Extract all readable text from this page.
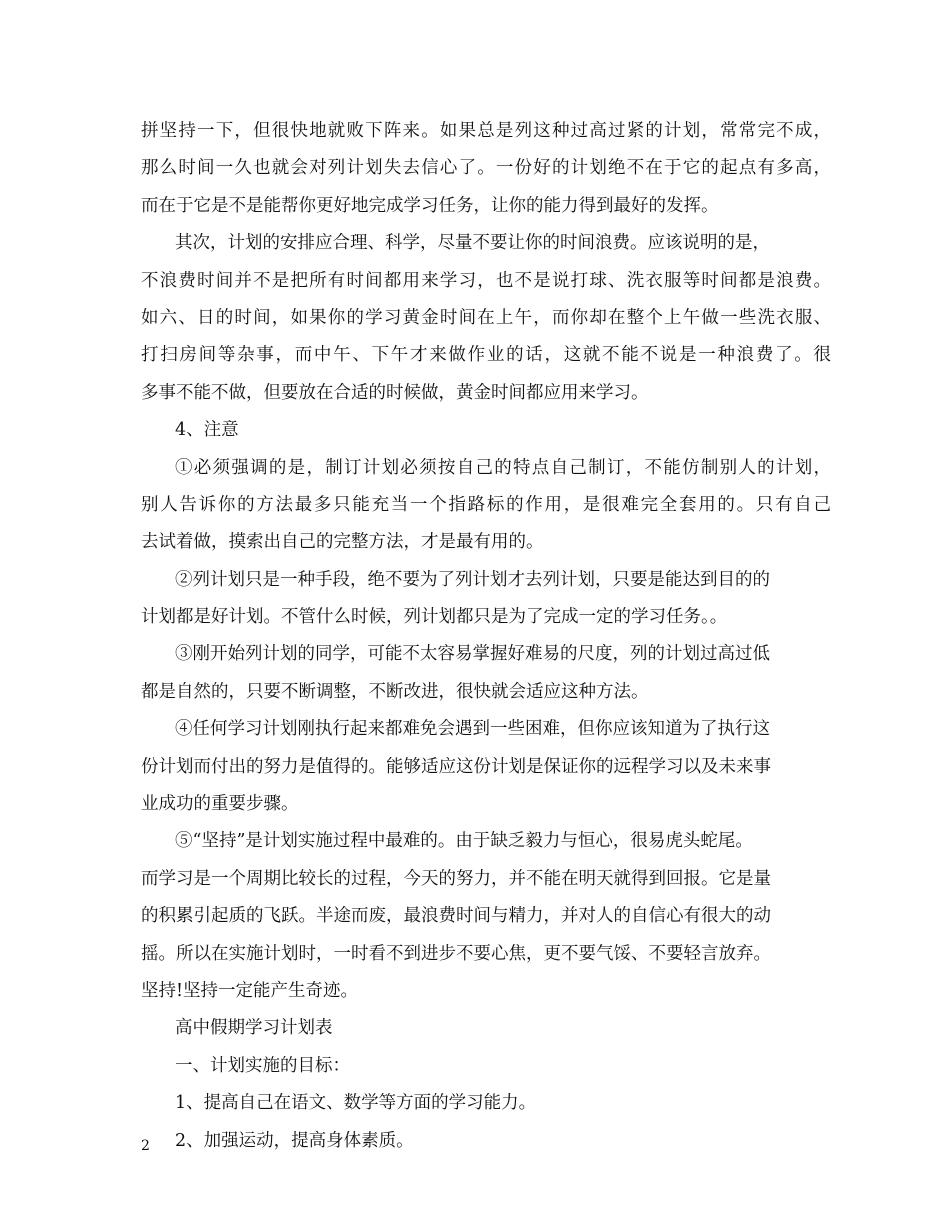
拼坚持一下，但很快地就败下阵来。如果总是列这种过高过紧的计划，常常完不成，
那么时间一久也就会对列计划失去信心了。一份好的计划绝不在于它的起点有多高，
而在于它是不是能帮你更好地完成学习任务，让你的能力得到最好的发挥。
其次，计划的安排应合理、科学，尽量不要让你的时间浪费。应该说明的是，
不浪费时间并不是把所有时间都用来学习，也不是说打球、洗衣服等时间都是浪费。
如六、日的时间，如果你的学习黄金时间在上午，而你却在整个上午做一些洗衣服、
打扫房间等杂事，而中午、下午才来做作业的话，这就不能不说是一种浪费了。很
多事不能不做，但要放在合适的时候做，黄金时间都应用来学习。
4、注意
①必须强调的是，制订计划必须按自己的特点自己制订，不能仿制别人的计划，
别人告诉你的方法最多只能充当一个指路标的作用，是很难完全套用的。只有自己
去试着做，摸索出自己的完整方法，才是最有用的。
②列计划只是一种手段，绝不要为了列计划才去列计划，只要是能达到目的的
计划都是好计划。不管什么时候，列计划都只是为了完成一定的学习任务。。
③刚开始列计划的同学，可能不太容易掌握好难易的尺度，列的计划过高过低
都是自然的，只要不断调整，不断改进，很快就会适应这种方法。
④任何学习计划刚执行起来都难免会遇到一些困难，但你应该知道为了执行这
份计划而付出的努力是值得的。能够适应这份计划是保证你的远程学习以及未来事
业成功的重要步骤。
⑤“坚持”是计划实施过程中最难的。由于缺乏毅力与恒心，很易虎头蛇尾。
而学习是一个周期比较长的过程，今天的努力，并不能在明天就得到回报。它是量
的积累引起质的飞跃。半途而废，最浪费时间与精力，并对人的自信心有很大的动
摇。所以在实施计划时，一时看不到进步不要心焦，更不要气馁、不要轻言放弃。
坚持!坚持一定能产生奇迹。
高中假期学习计划表
一、计划实施的目标：
1、提高自己在语文、数学等方面的学习能力。
2、加强运动，提高身体素质。
2
